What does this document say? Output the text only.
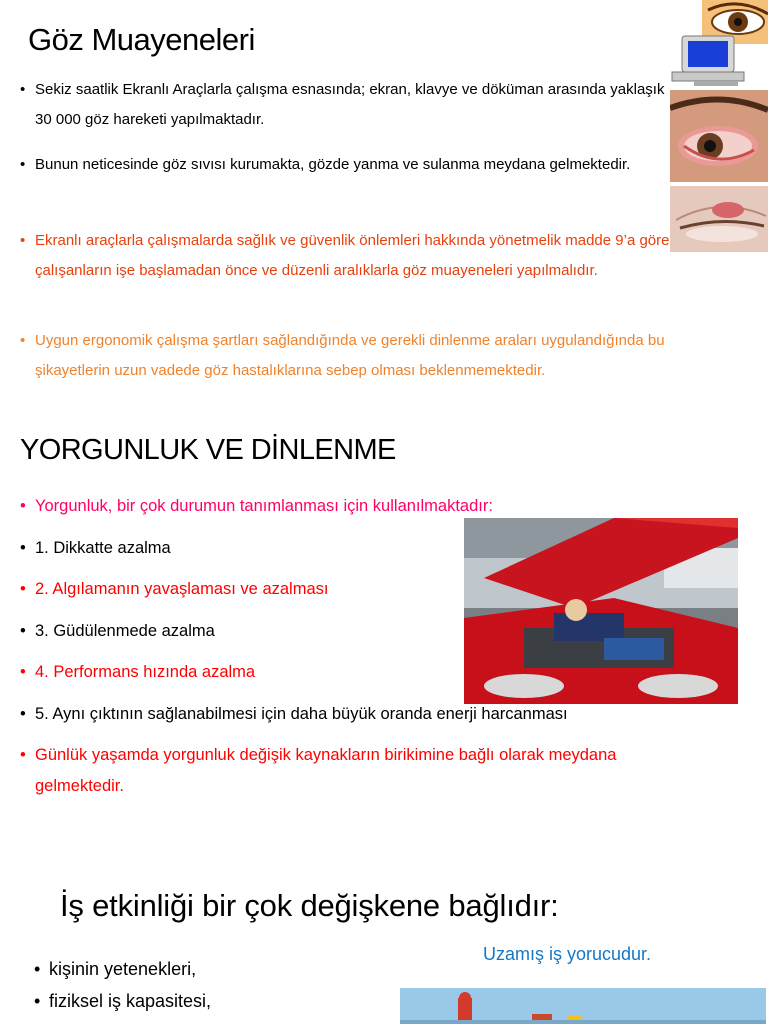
Göz Muayeneleri
• Sekiz saatlik Ekranlı Araçlarla çalışma esnasında; ekran, klavye ve döküman arasında yaklaşık 30 000 göz hareketi yapılmaktadır.
• Bunun neticesinde göz sıvısı kurumakta, gözde yanma ve sulanma meydana gelmektedir.
• Ekranlı araçlarla çalışmalarda sağlık ve güvenlik önlemleri hakkında yönetmelik madde 9’a göre çalışanların işe başlamadan önce ve düzenli aralıklarla göz muayeneleri yapılmalıdır.
• Uygun ergonomik çalışma şartları sağlandığında ve gerekli dinlenme araları uygulandığında bu şikayetlerin uzun vadede göz hastalıklarına sebep olması beklenmemektedir.
YORGUNLUK VE DİNLENME
• Yorgunluk, bir çok durumun tanımlanması için kullanılmaktadır:
• 1. Dikkatte azalma
• 2. Algılamanın yavaşlaması ve azalması
• 3. Güdülenmede azalma
• 4. Performans hızında azalma
• 5. Aynı çıktının sağlanabilmesi için daha büyük oranda enerji harcanması
• Günlük yaşamda yorgunluk değişik kaynakların birikimine bağlı olarak meydana gelmektedir.
İş etkinliği bir çok değişkene bağlıdır:
Uzamış iş yorucudur.
• kişinin yetenekleri,
• fiziksel iş kapasitesi,
